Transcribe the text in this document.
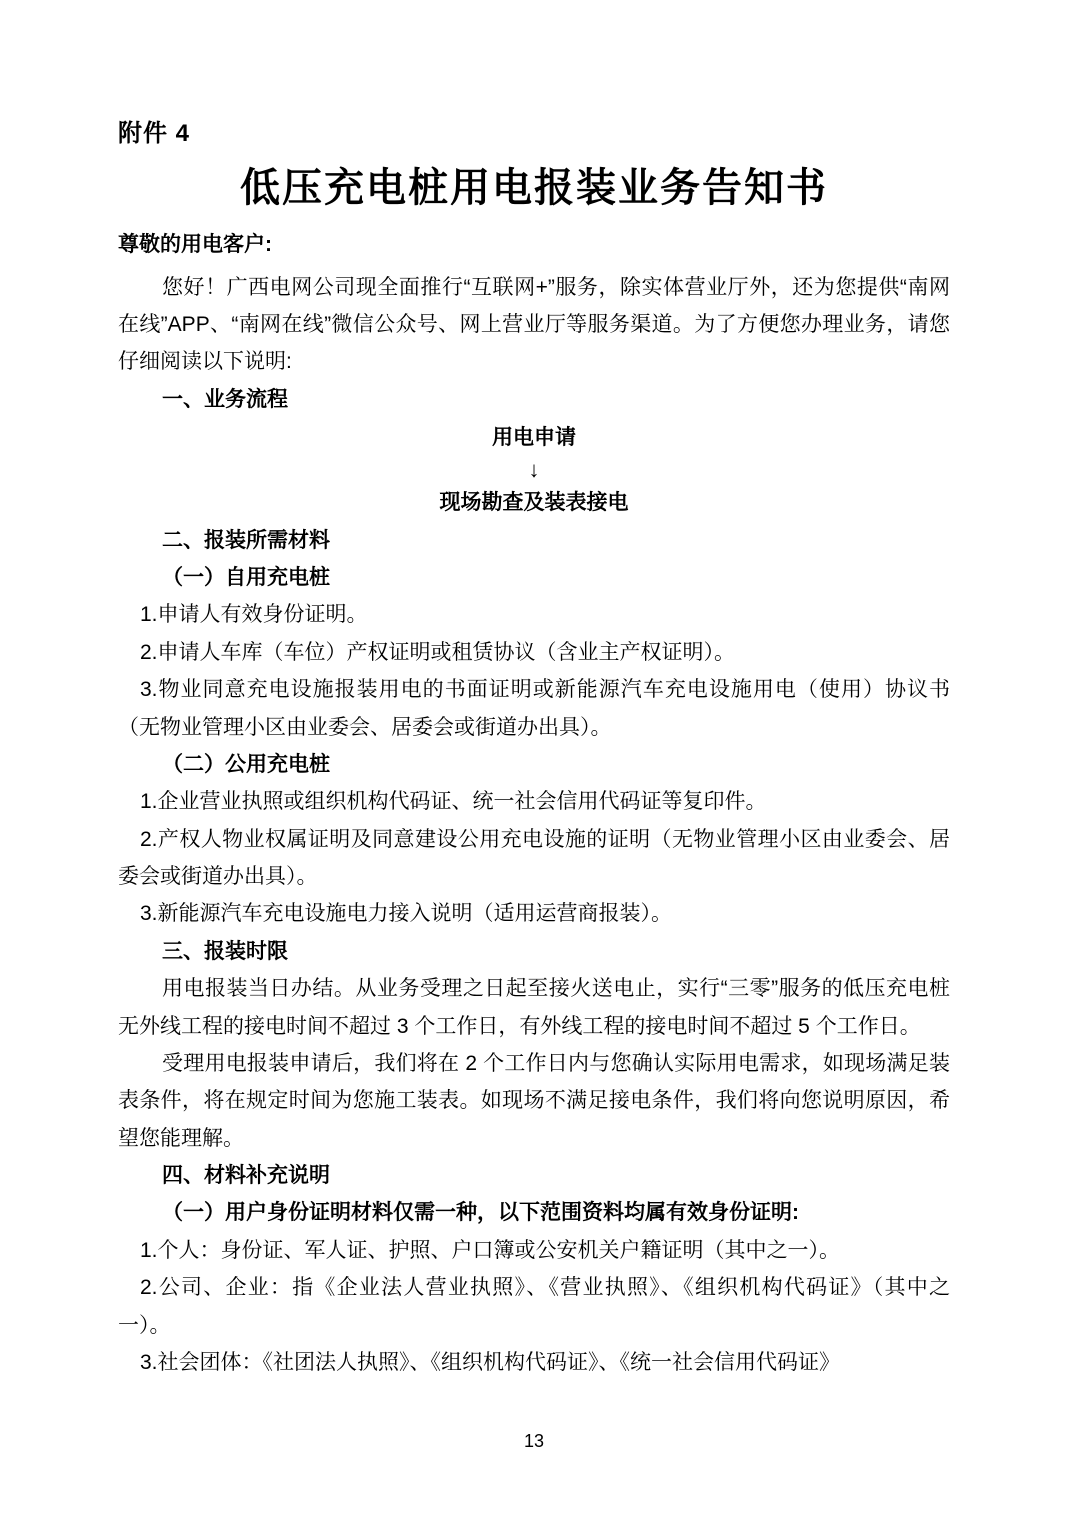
附件 4
低压充电桩用电报装业务告知书
尊敬的用电客户:

您好！广西电网公司现全面推行“互联网+”服务，除实体营业厅外，还为您提供“南网在线”APP、“南网在线”微信公众号、网上营业厅等服务渠道。为了方便您办理业务，请您仔细阅读以下说明:

一、业务流程
用电申请
↓
现场勘查及装表接电
二、报装所需材料
（一）自用充电桩

1.申请人有效身份证明。

2.申请人车库（车位）产权证明或租赁协议（含业主产权证明）。

3.物业同意充电设施报装用电的书面证明或新能源汽车充电设施用电（使用）协议书（无物业管理小区由业委会、居委会或街道办出具）。

（二）公用充电桩

1.企业营业执照或组织机构代码证、统一社会信用代码证等复印件。

2.产权人物业权属证明及同意建设公用充电设施的证明（无物业管理小区由业委会、居委会或街道办出具）。

3.新能源汽车充电设施电力接入说明（适用运营商报装）。

三、报装时限

用电报装当日办结。从业务受理之日起至接火送电止，实行“三零”服务的低压充电桩无外线工程的接电时间不超过 3 个工作日，有外线工程的接电时间不超过 5 个工作日。

受理用电报装申请后，我们将在 2 个工作日内与您确认实际用电需求，如现场满足装表条件，将在规定时间为您施工装表。如现场不满足接电条件，我们将向您说明原因，希望您能理解。

四、材料补充说明
（一）用户身份证明材料仅需一种，以下范围资料均属有效身份证明:

1.个人：身份证、军人证、护照、户口簿或公安机关户籍证明（其中之一）。

2.公司、企业：指《企业法人营业执照》、《营业执照》、《组织机构代码证》（其中之一）。

3.社会团体：《社团法人执照》、《组织机构代码证》、《统一社会信用代码证》

13
